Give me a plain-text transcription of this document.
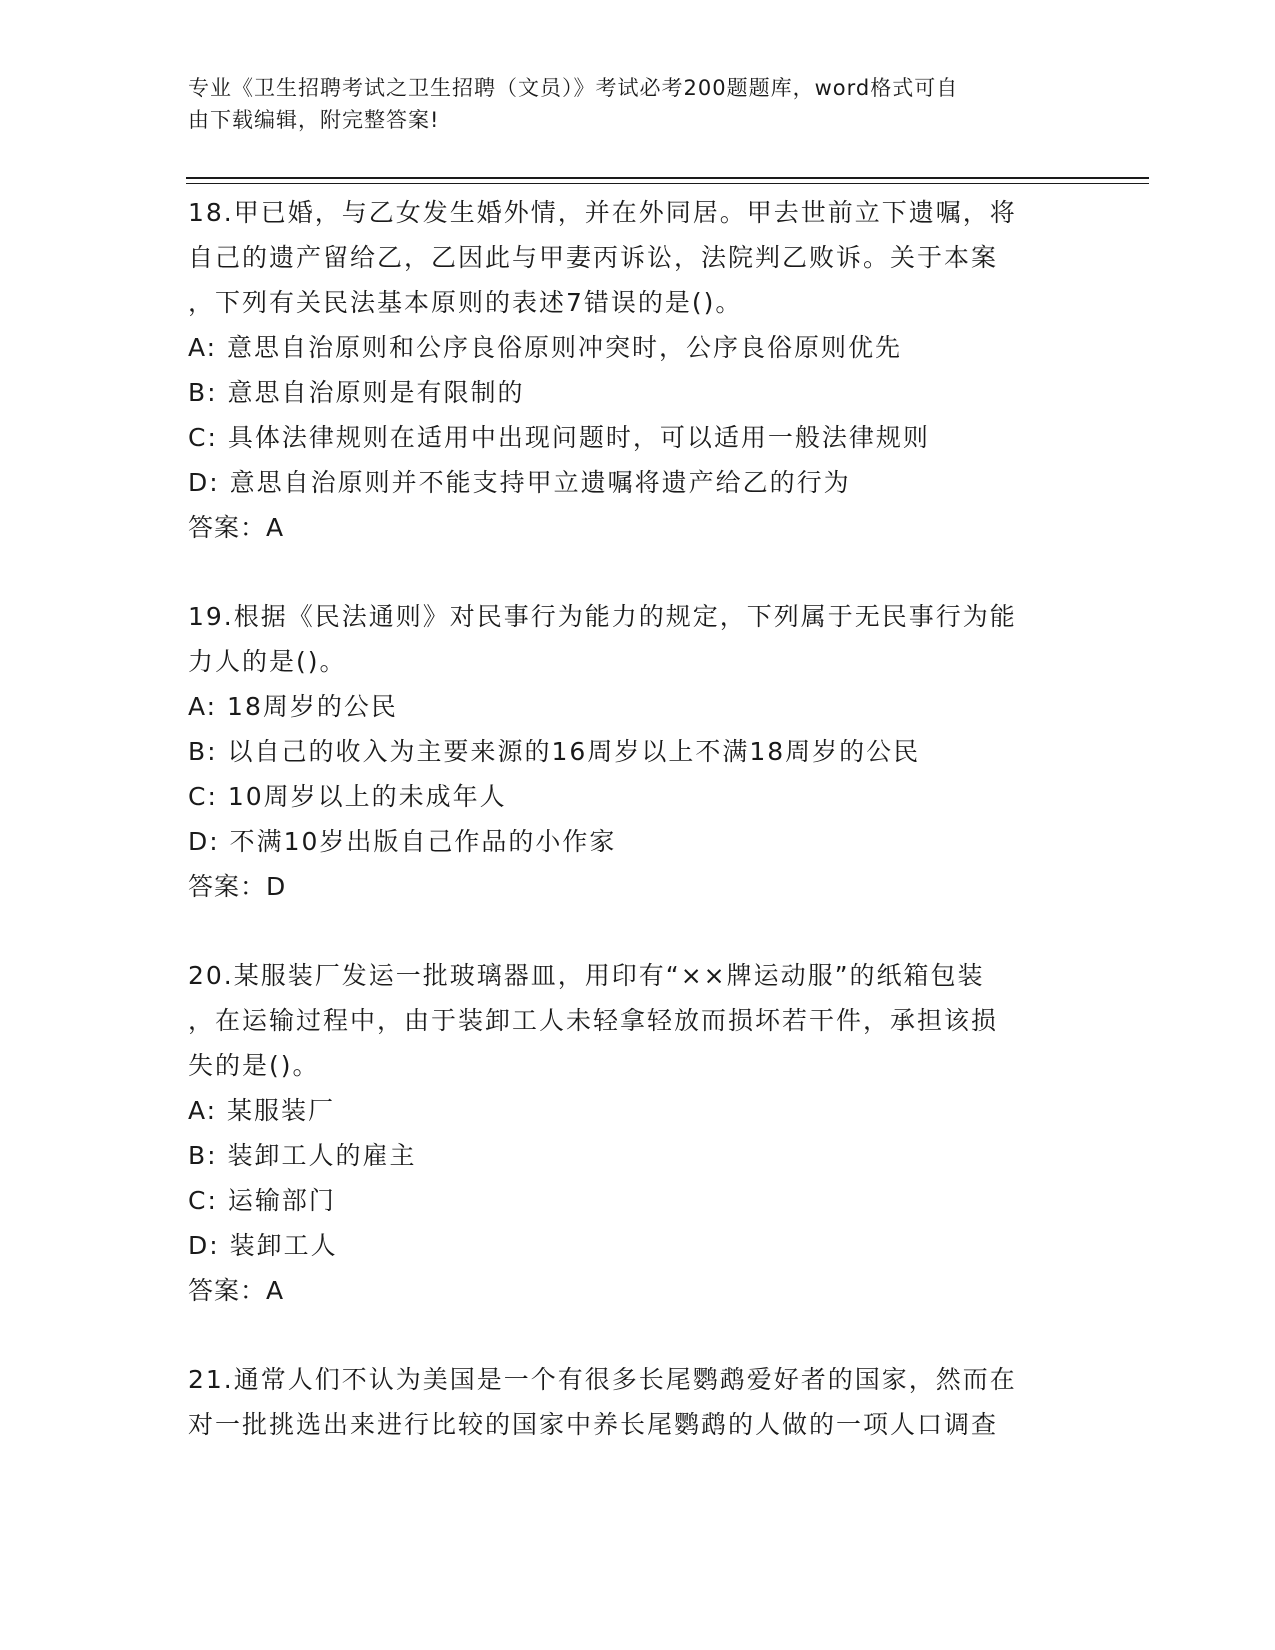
专业《卫生招聘考试之卫生招聘（文员）》考试必考200题题库，word格式可自
由下载编辑，附完整答案!

18.甲已婚，与乙女发生婚外情，并在外同居。甲去世前立下遗嘱，将

自己的遗产留给乙，乙因此与甲妻丙诉讼，法院判乙败诉。关于本案

，下列有关民法基本原则的表述7错误的是()。

A: 意思自治原则和公序良俗原则冲突时，公序良俗原则优先

B: 意思自治原则是有限制的

C: 具体法律规则在适用中出现问题时，可以适用一般法律规则

D: 意思自治原则并不能支持甲立遗嘱将遗产给乙的行为

答案：A

19.根据《民法通则》对民事行为能力的规定，下列属于无民事行为能

力人的是()。

A: 18周岁的公民

B: 以自己的收入为主要来源的16周岁以上不满18周岁的公民

C: 10周岁以上的未成年人

D: 不满10岁出版自己作品的小作家

答案：D

20.某服装厂发运一批玻璃器皿，用印有“××牌运动服”的纸箱包装

，在运输过程中，由于装卸工人未轻拿轻放而损坏若干件，承担该损

失的是()。

A: 某服装厂

B: 装卸工人的雇主

C: 运输部门

D: 装卸工人

答案：A

21.通常人们不认为美国是一个有很多长尾鹦鹉爱好者的国家，然而在

对一批挑选出来进行比较的国家中养长尾鹦鹉的人做的一项人口调查
